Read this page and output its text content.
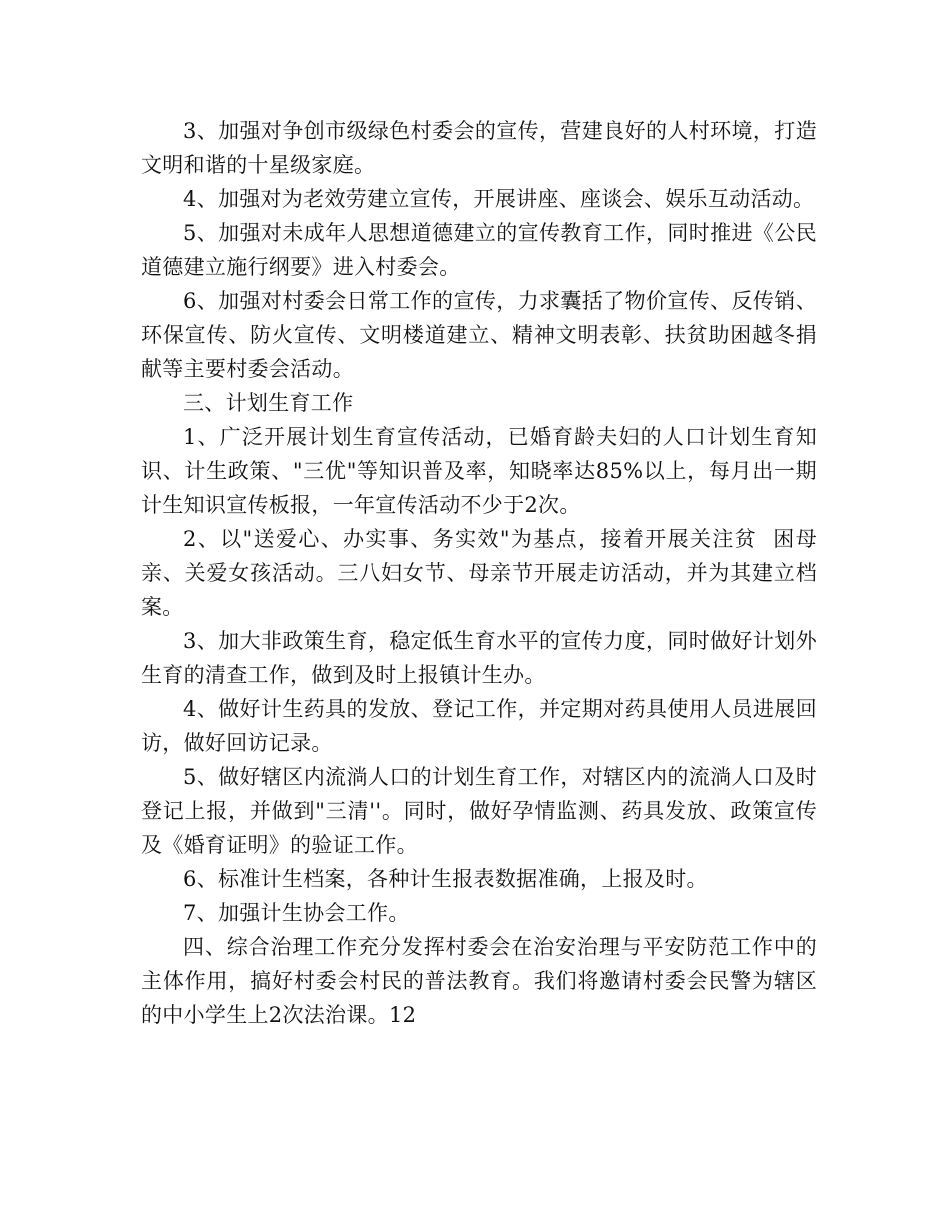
3、加强对争创市级绿色村委会的宣传，营建良好的人村环境，打造文明和谐的十星级家庭。

4、加强对为老效劳建立宣传，开展讲座、座谈会、娱乐互动活动。

5、加强对未成年人思想道德建立的宣传教育工作，同时推进《公民道德建立施行纲要》进入村委会。

6、加强对村委会日常工作的宣传，力求囊括了物价宣传、反传销、环保宣传、防火宣传、文明楼道建立、精神文明表彰、扶贫助困越冬捐献等主要村委会活动。

三、计划生育工作

1、广泛开展计划生育宣传活动，已婚育龄夫妇的人口计划生育知识、计生政策、"三优"等知识普及率，知晓率达85%以上，每月出一期计生知识宣传板报，一年宣传活动不少于2次。

2、以"送爱心、办实事、务实效"为基点，接着开展关注贫  困母亲、关爱女孩活动。三八妇女节、母亲节开展走访活动，并为其建立档案。

3、加大非政策生育，稳定低生育水平的宣传力度，同时做好计划外生育的清查工作，做到及时上报镇计生办。

4、做好计生药具的发放、登记工作，并定期对药具使用人员进展回访，做好回访记录。

5、做好辖区内流淌人口的计划生育工作，对辖区内的流淌人口及时登记上报，并做到"三清''。同时，做好孕情监测、药具发放、政策宣传及《婚育证明》的验证工作。

6、标准计生档案，各种计生报表数据准确，上报及时。

7、加强计生协会工作。

四、综合治理工作充分发挥村委会在治安治理与平安防范工作中的主体作用，搞好村委会村民的普法教育。我们将邀请村委会民警为辖区的中小学生上2次法治课。12
